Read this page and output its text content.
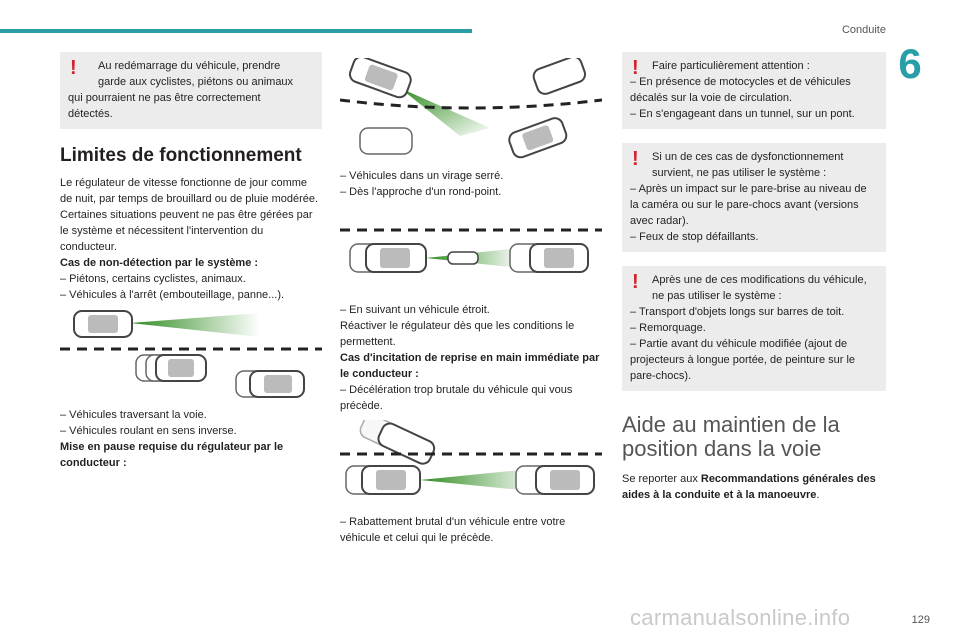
Conduite
6
!	Au redémarrage du véhicule, prendre
garde aux cyclistes, piétons ou animaux
qui pourraient ne pas être correctement
détectés.
Limites de fonctionnement

Le régulateur de vitesse fonctionne de jour comme de nuit, par temps de brouillard ou de pluie modérée.

Certaines situations peuvent ne pas être gérées par le système et nécessitent l'intervention du conducteur.

Cas de non-détection par le système :

– Piétons, certains cyclistes, animaux.

– Véhicules à l'arrêt (embouteillage, panne...).

– Véhicules traversant la voie.

– Véhicules roulant en sens inverse.

Mise en pause requise du régulateur par le conducteur :

– Véhicules dans un virage serré.

– Dès l'approche d'un rond-point.

– En suivant un véhicule étroit.

Réactiver le régulateur dès que les conditions le permettent.

Cas d'incitation de reprise en main immédiate par le conducteur :

– Décélération trop brutale du véhicule qui vous précède.

– Rabattement brutal d'un véhicule entre votre véhicule et celui qui le précède.

!	Faire particulièrement attention :
– En présence de motocycles et de véhicules décalés sur la voie de circulation.
– En s'engageant dans un tunnel, sur un pont.
!	Si un de ces cas de dysfonctionnement survient, ne pas utiliser le système :
– Après un impact sur le pare-brise au niveau de la caméra ou sur le pare-chocs avant (versions avec radar).
– Feux de stop défaillants.
!	Après une de ces modifications du véhicule, ne pas utiliser le système :
– Transport d'objets longs sur barres de toit.
– Remorquage.
– Partie avant du véhicule modifiée (ajout de projecteurs à longue portée, de peinture sur le pare-chocs).
Aide au maintien de la position dans la voie

Se reporter aux Recommandations générales des aides à la conduite et à la manoeuvre.

129
carmanualsonline.info
